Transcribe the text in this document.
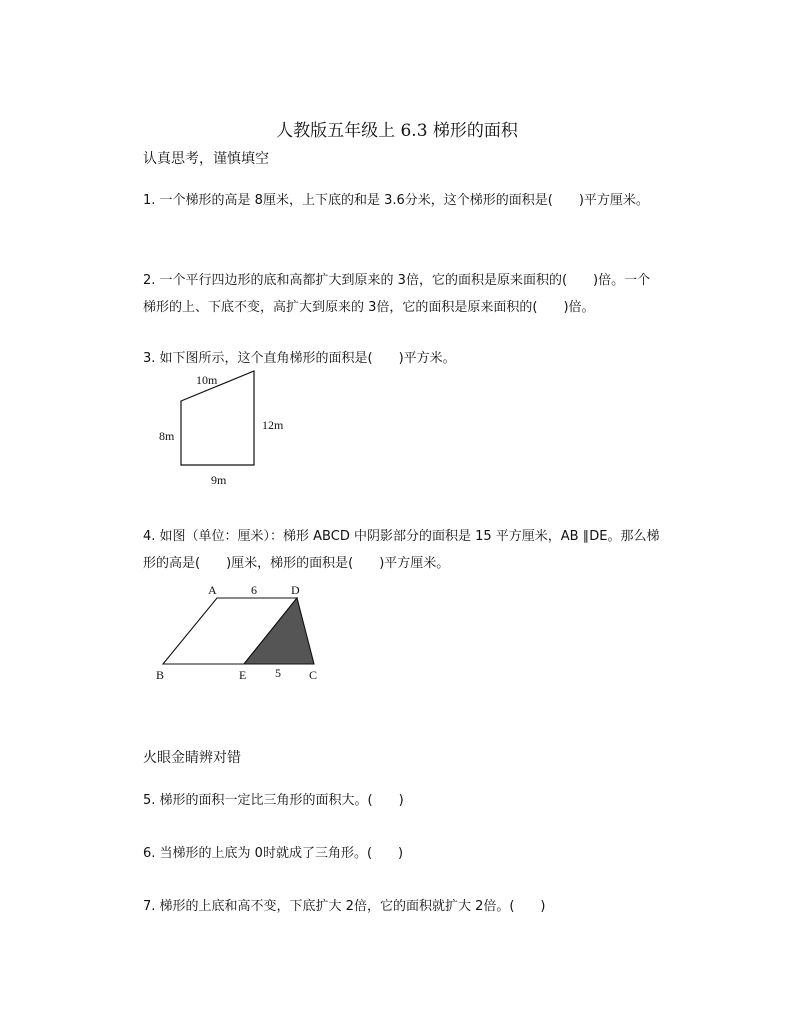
人教版五年级上 6.3 梯形的面积
认真思考，谨慎填空
1. 一个梯形的高是 8厘米，上下底的和是 3.6分米，这个梯形的面积是(　　)平方厘米。
2. 一个平行四边形的底和高都扩大到原来的 3倍，它的面积是原来面积的(　　)倍。一个梯形的上、下底不变，高扩大到原来的 3倍，它的面积是原来面积的(　　)倍。
3. 如下图所示，这个直角梯形的面积是(　　)平方米。
10m
8m
12m
9m
4. 如图（单位：厘米）：梯形 ABCD 中阴影部分的面积是 15 平方厘米，AB ∥DE。那么梯形的高是(　　)厘米，梯形的面积是(　　)平方厘米。
A	6	D
B	E 5 C
火眼金睛辨对错
5. 梯形的面积一定比三角形的面积大。(　　)
6. 当梯形的上底为 0时就成了三角形。(　　)
7. 梯形的上底和高不变，下底扩大 2倍，它的面积就扩大 2倍。(　　)
